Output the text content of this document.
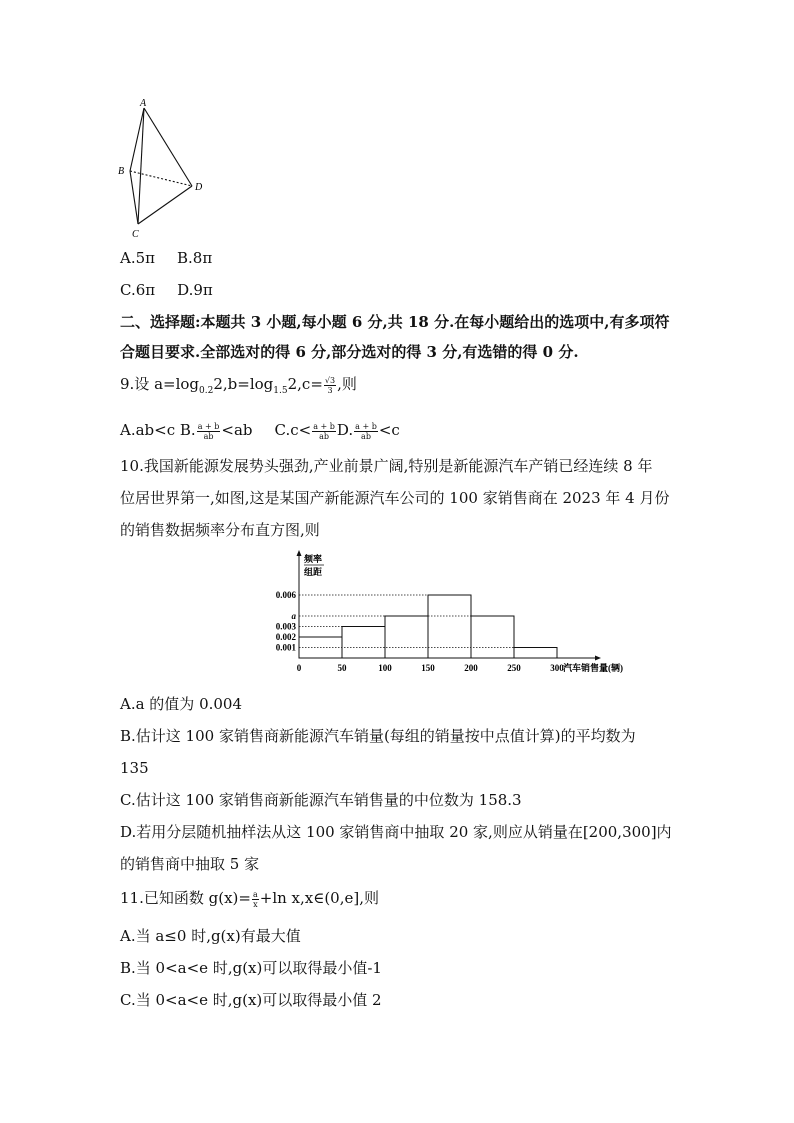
A
B
C
D
A.5π B.8π
C.6π D.9π
二、选择题:本题共 3 小题,每小题 6 分,共 18 分.在每小题给出的选项中,有多项符
合题目要求.全部选对的得 6 分,部分选对的得 3 分,有选错的得 0 分.
9.设 $a=\log_{0.2}2,b=\log_{1.5}2,c= \frac{√3}{3}$ ,则
A.ab<c B. $\frac{a + b}{ab} <ab$ $C.c< \frac{a + b}{ab} D$. $\frac{a + b}{ab} <c$
10.我国新能源发展势头强劲,产业前景广阔,特别是新能源汽车产销已经连续 8 年
位居世界第一,如图,这是某国产新能源汽车公司的 100 家销售商在 2023 年 4 月份
的销售数据频率分布直方图,则
0.001
0.002
0.003
a
0.006
0	50	100	150	200	250	300 汽车销售量(辆)
频率
组距
A.a 的值为 0.004
B.估计这 100 家销售商新能源汽车销量(每组的销量按中点值计算)的平均数为
135
C.估计这 100 家销售商新能源汽车销售量的中位数为 158.3
D.若用分层随机抽样法从这 100 家销售商中抽取 20 家,则应从销量在[200,300]内
的销售商中抽取 5 家
11.已知函数 $g(x)= \frac{a}{x} +\ln$ x,x∈(0,e],则
A.当 a≤0 时,g(x)有最大值
B.当 0<a<e 时,g(x)可以取得最小值-1
C.当 0<a<e 时,g(x)可以取得最小值 2
